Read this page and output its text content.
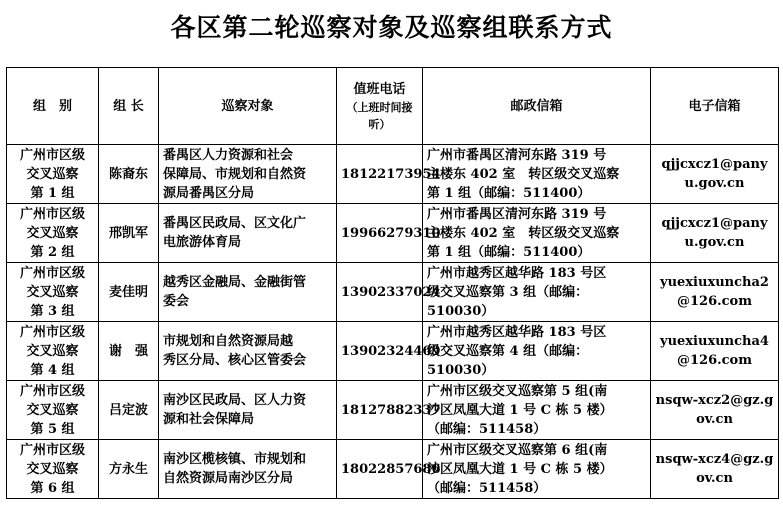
各区第二轮巡察对象及巡察组联系方式
组　别	组 长	巡察对象	值班电话
（上班时间接听）	邮政信箱	电子信箱
广州市区级
交叉巡察
第 1 组	陈裔东	番禺区人力资源和社会
保障局、市规划和自然资
源局番禺区分局	18122173954	广州市番禺区清河东路 319 号
主楼东 402 室　转区级交叉巡察
第 1 组（邮编：511400）	qjjcxcz1@panyu.gov.cn
广州市区级
交叉巡察
第 2 组	邢凯军	番禺区民政局、区文化广
电旅游体育局	19966279310	广州市番禺区清河东路 319 号
主楼东 402 室　转区级交叉巡察
第 1 组（邮编：511400）	qjjcxcz1@panyu.gov.cn
广州市区级
交叉巡察
第 3 组	麦佳明	越秀区金融局、金融街管
委会	13902337024	广州市越秀区越华路 183 号区
级交叉巡察第 3 组（邮编：
510030）	yuexiuxuncha2@126.com
广州市区级
交叉巡察
第 4 组	谢　强	市规划和自然资源局越
秀区分局、核心区管委会	13902324469	广州市越秀区越华路 183 号区
级交叉巡察第 4 组（邮编：
510030）	yuexiuxuncha4@126.com
广州市区级
交叉巡察
第 5 组	吕定波	南沙区民政局、区人力资
源和社会保障局	18127882337	广州市区级交叉巡察第 5 组(南
沙区凤凰大道 1 号 C 栋 5 楼）
（邮编：511458）	nsqw-xcz2@gz.gov.cn
广州市区级
交叉巡察
第 6 组	方永生	南沙区榄核镇、市规划和
自然资源局南沙区分局	18022857686	广州市区级交叉巡察第 6 组(南
沙区凤凰大道 1 号 C 栋 5 楼）
（邮编：511458）	nsqw-xcz4@gz.gov.cn
